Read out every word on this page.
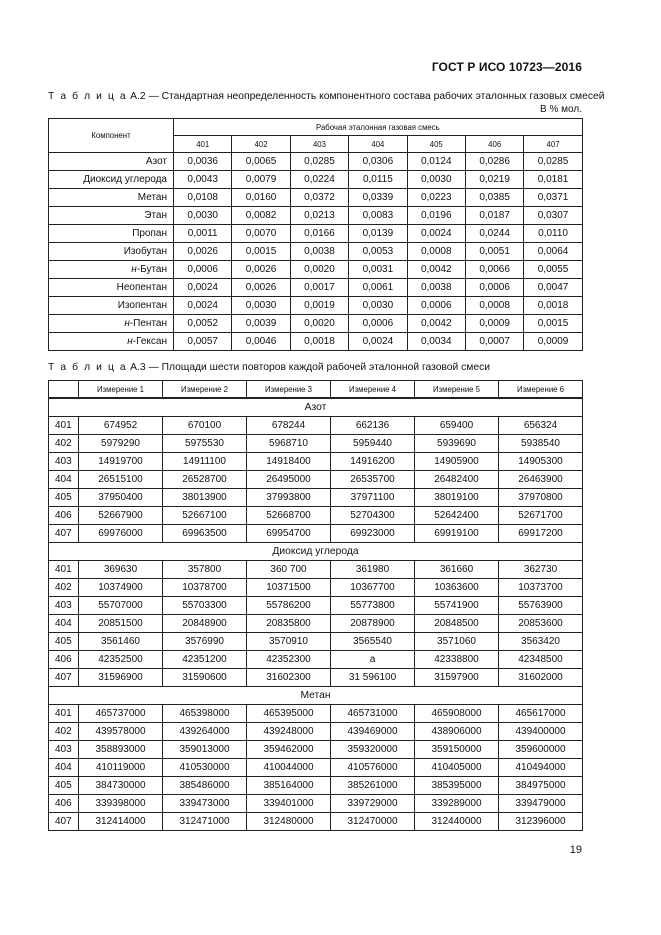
ГОСТ Р ИСО 10723—2016
Т а б л и ц а А.2 — Стандартная неопределенность компонентного состава рабочих эталонных газовых смесей
В % мол.
Компонент	Рабочая эталонная газовая смесь						
	401	402	403	404	405	406	407
Азот	0,0036	0,0065	0,0285	0,0306	0,0124	0,0286	0,0285
Диоксид углерода	0,0043	0,0079	0,0224	0,0115	0,0030	0,0219	0,0181
Метан	0,0108	0,0160	0,0372	0,0339	0,0223	0,0385	0,0371
Этан	0,0030	0,0082	0,0213	0,0083	0,0196	0,0187	0,0307
Пропан	0,0011	0,0070	0,0166	0,0139	0,0024	0,0244	0,0110
Изобутан	0,0026	0,0015	0,0038	0,0053	0,0008	0,0051	0,0064
н-Бутан	0,0006	0,0026	0,0020	0,0031	0,0042	0,0066	0,0055
Неопентан	0,0024	0,0026	0,0017	0,0061	0,0038	0,0006	0,0047
Изопентан	0,0024	0,0030	0,0019	0,0030	0,0006	0,0008	0,0018
н-Пентан	0,0052	0,0039	0,0020	0,0006	0,0042	0,0009	0,0015
н-Гексан	0,0057	0,0046	0,0018	0,0024	0,0034	0,0007	0,0009
Т а б л и ц а А.3 — Площади шести повторов каждой рабочей эталонной газовой смеси
	Измерение 1	Измерение 2	Измерение 3	Измерение 4	Измерение 5	Измерение 6
Азот						
401	674952	670100	678244	662136	659400	656324
402	5979290	5975530	5968710	5959440	5939690	5938540
403	14919700	14911100	14918400	14916200	14905900	14905300
404	26515100	26528700	26495000	26535700	26482400	26463900
405	37950400	38013900	37993800	37971100	38019100	37970800
406	52667900	52667100	52668700	52704300	52642400	52671700
407	69976000	69963500	69954700	69923000	69919100	69917200
Диоксид углерода						
401	369630	357800	360 700	361980	361660	362730
402	10374900	10378700	10371500	10367700	10363600	10373700
403	55707000	55703300	55786200	55773800	55741900	55763900
404	20851500	20848900	20835800	20878900	20848500	20853600
405	3561460	3576990	3570910	3565540	3571060	3563420
406	42352500	42351200	42352300	a	42338800	42348500
407	31596900	31590600	31602300	31 596100	31597900	31602000
Метан						
401	465737000	465398000	465395000	465731000	465908000	465617000
402	439578000	439264000	439248000	439469000	438906000	439400000
403	358893000	359013000	359462000	359320000	359150000	359600000
404	410119000	410530000	410044000	410576000	410405000	410494000
405	384730000	385486000	385164000	385261000	385395000	384975000
406	339398000	339473000	339401000	339729000	339289000	339479000
407	312414000	312471000	312480000	312470000	312440000	312396000
19
